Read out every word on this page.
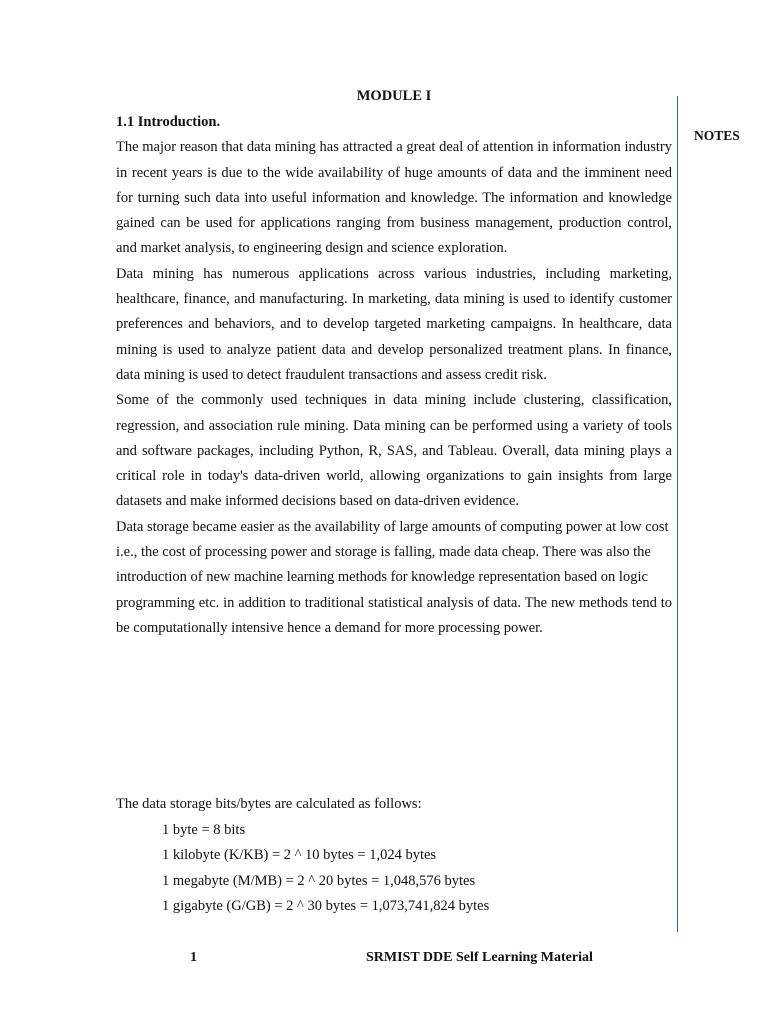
MODULE I
NOTES

1.1 Introduction.

The major reason that data mining has attracted a great deal of attention in information industry in recent years is due to the wide availability of huge amounts of data and the imminent need for turning such data into useful information and knowledge. The information and knowledge gained can be used for applications ranging from business management, production control, and market analysis, to engineering design and science exploration.

Data mining has numerous applications across various industries, including marketing, healthcare, finance, and manufacturing. In marketing, data mining is used to identify customer preferences and behaviors, and to develop targeted marketing campaigns. In healthcare, data mining is used to analyze patient data and develop personalized treatment plans. In finance, data mining is used to detect fraudulent transactions and assess credit risk.

Some of the commonly used techniques in data mining include clustering, classification, regression, and association rule mining. Data mining can be performed using a variety of tools and software packages, including Python, R, SAS, and Tableau. Overall, data mining plays a critical role in today's data-driven world, allowing organizations to gain insights from large datasets and make informed decisions based on data-driven evidence.

Data storage became easier as the availability of large amounts of computing power at low cost

i.e., the cost of processing power and storage is falling, made data cheap. There was also the

introduction of new machine learning methods for knowledge representation based on logic

programming etc. in addition to traditional statistical analysis of data. The new methods tend to be computationally intensive hence a demand for more processing power.

The data storage bits/bytes are calculated as follows:

1 byte = 8 bits
1 kilobyte (K/KB) = 2 ^ 10 bytes = 1,024 bytes
1 megabyte (M/MB) = 2 ^ 20 bytes = 1,048,576 bytes
1 gigabyte (G/GB) = 2 ^ 30 bytes = 1,073,741,824 bytes
1	SRMIST DDE Self Learning Material
